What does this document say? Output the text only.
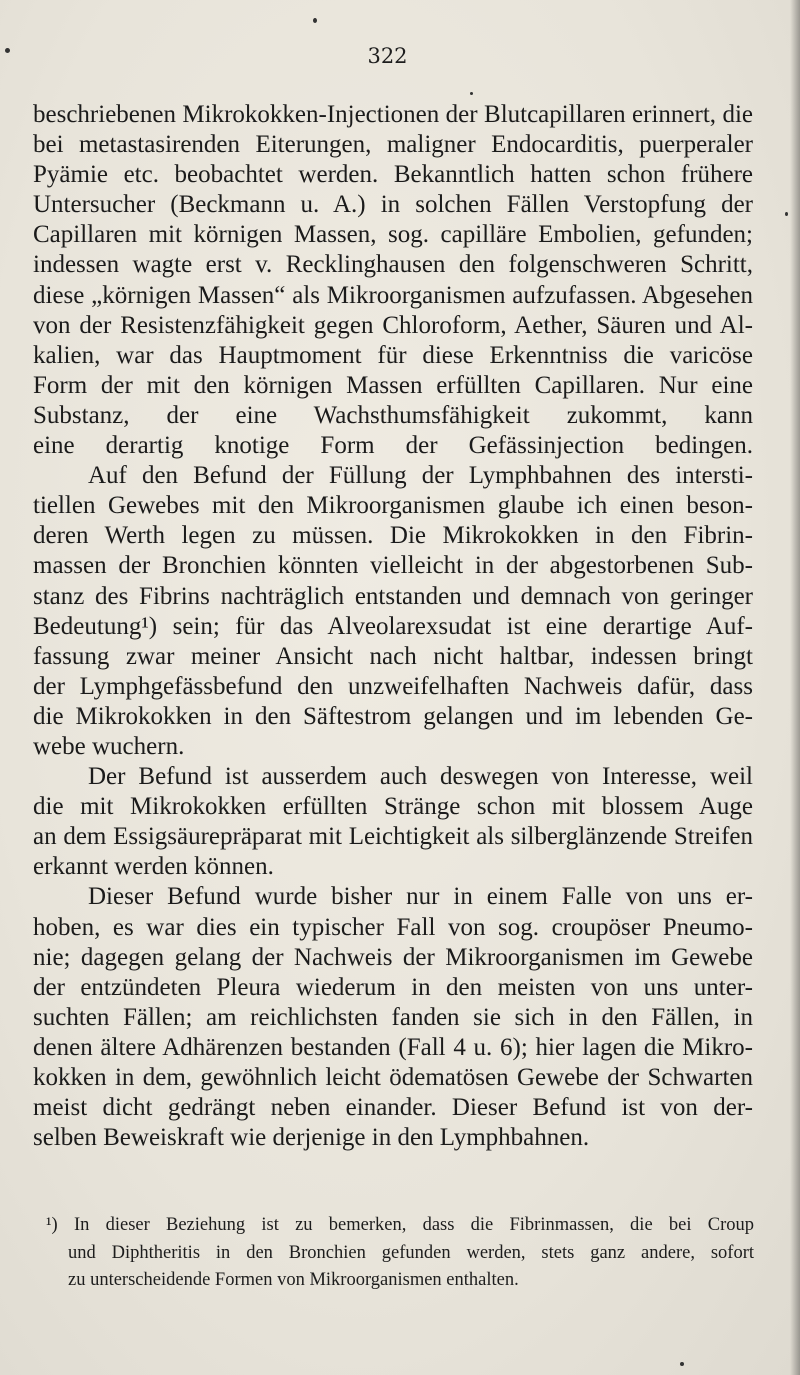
322
beschriebenen Mikrokokken-Injectionen der Blutcapillaren erinnert, die
bei metastasirenden Eiterungen, maligner Endocarditis, puerperaler
Pyämie etc. beobachtet werden. Bekanntlich hatten schon frühere
Untersucher (Beckmann u. A.) in solchen Fällen Verstopfung der
Capillaren mit körnigen Massen, sog. capilläre Embolien, gefunden;
indessen wagte erst v. Recklinghausen den folgenschweren Schritt,
diese „körnigen Massen“ als Mikroorganismen aufzufassen. Abgesehen
von der Resistenzfähigkeit gegen Chloroform, Aether, Säuren und Al-
kalien, war das Hauptmoment für diese Erkenntniss die varicöse
Form der mit den körnigen Massen erfüllten Capillaren. Nur eine
Substanz, der eine Wachsthumsfähigkeit zukommt, kann
eine derartig knotige Form der Gefässinjection bedingen.
Auf den Befund der Füllung der Lymphbahnen des intersti-
tiellen Gewebes mit den Mikroorganismen glaube ich einen beson-
deren Werth legen zu müssen. Die Mikrokokken in den Fibrin-
massen der Bronchien könnten vielleicht in der abgestorbenen Sub-
stanz des Fibrins nachträglich entstanden und demnach von geringer
Bedeutung¹) sein; für das Alveolarexsudat ist eine derartige Auf-
fassung zwar meiner Ansicht nach nicht haltbar, indessen bringt
der Lymphgefässbefund den unzweifelhaften Nachweis dafür, dass
die Mikrokokken in den Säftestrom gelangen und im lebenden Ge-
webe wuchern.
Der Befund ist ausserdem auch deswegen von Interesse, weil
die mit Mikrokokken erfüllten Stränge schon mit blossem Auge
an dem Essigsäurepräparat mit Leichtigkeit als silberglänzende Streifen
erkannt werden können.
Dieser Befund wurde bisher nur in einem Falle von uns er-
hoben, es war dies ein typischer Fall von sog. croupöser Pneumo-
nie; dagegen gelang der Nachweis der Mikroorganismen im Gewebe
der entzündeten Pleura wiederum in den meisten von uns unter-
suchten Fällen; am reichlichsten fanden sie sich in den Fällen, in
denen ältere Adhärenzen bestanden (Fall 4 u. 6); hier lagen die Mikro-
kokken in dem, gewöhnlich leicht ödematösen Gewebe der Schwarten
meist dicht gedrängt neben einander. Dieser Befund ist von der-
selben Beweiskraft wie derjenige in den Lymphbahnen.
¹) In dieser Beziehung ist zu bemerken, dass die Fibrinmassen, die bei Croup
und Diphtheritis in den Bronchien gefunden werden, stets ganz andere, sofort
zu unterscheidende Formen von Mikroorganismen enthalten.
